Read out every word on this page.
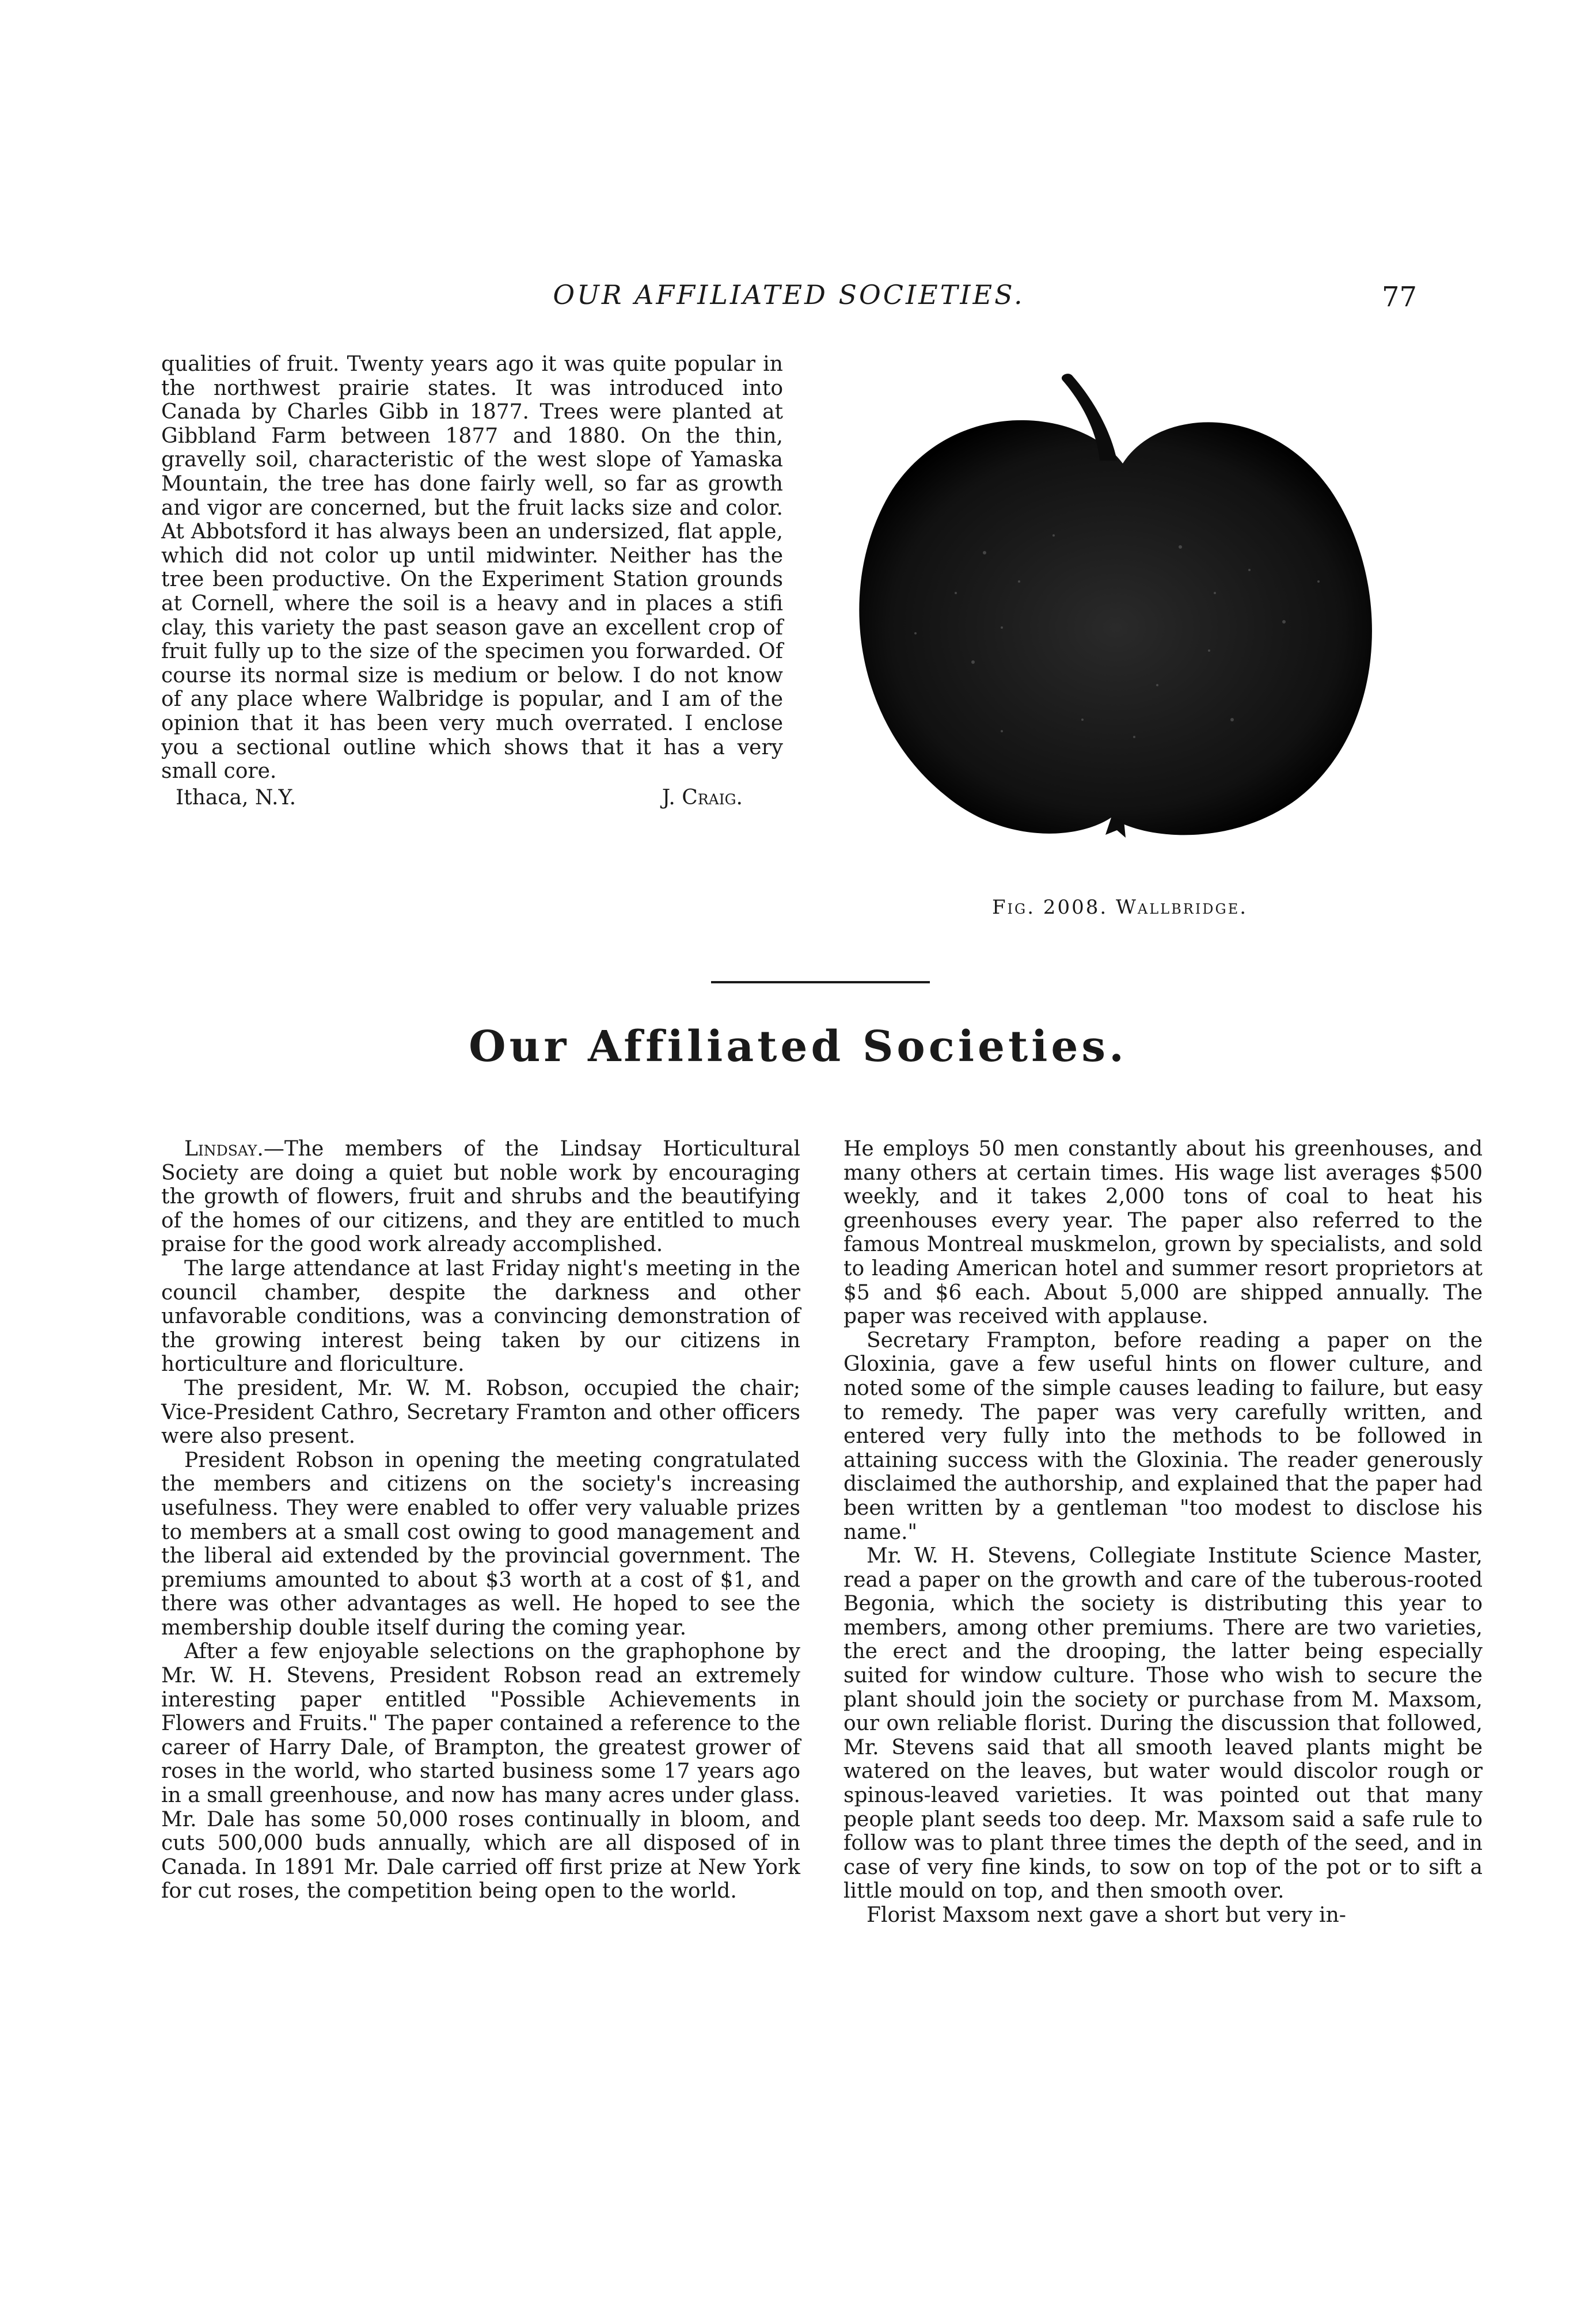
OUR AFFILIATED SOCIETIES.	77

qualities of fruit. Twenty years ago it was quite popular in the northwest prairie states. It was introduced into Canada by Charles Gibb in 1877. Trees were planted at Gibbland Farm between 1877 and 1880. On the thin, gravelly soil, characteristic of the west slope of Yamaska Mountain, the tree has done fairly well, so far as growth and vigor are concerned, but the fruit lacks size and color. At Abbotsford it has always been an undersized, flat apple, which did not color up until midwinter. Neither has the tree been productive. On the Experiment Station grounds at Cornell, where the soil is a heavy and in places a stifi clay, this variety the past season gave an excellent crop of fruit fully up to the size of the specimen you forwarded. Of course its normal size is medium or below. I do not know of any place where Walbridge is popular, and I am of the opinion that it has been very much overrated. I enclose you a sectional outline which shows that it has a very small core.

Ithaca, N.Y.	J. Craig.
Fig. 2008. Wallbridge.
Our Affiliated Societies.

Lindsay.—The members of the Lindsay Horticultural Society are doing a quiet but noble work by encouraging the growth of flowers, fruit and shrubs and the beautifying of the homes of our citizens, and they are entitled to much praise for the good work already accomplished.

The large attendance at last Friday night's meeting in the council chamber, despite the darkness and other unfavorable conditions, was a convincing demonstration of the growing interest being taken by our citizens in horticulture and floriculture.

The president, Mr. W. M. Robson, occupied the chair; Vice-President Cathro, Secretary Framton and other officers were also present.

President Robson in opening the meeting congratulated the members and citizens on the society's increasing usefulness. They were enabled to offer very valuable prizes to members at a small cost owing to good management and the liberal aid extended by the provincial government. The premiums amounted to about $3 worth at a cost of $1, and there was other advantages as well. He hoped to see the membership double itself during the coming year.

After a few enjoyable selections on the graphophone by Mr. W. H. Stevens, President Robson read an extremely interesting paper entitled "Possible Achievements in Flowers and Fruits." The paper contained a reference to the career of Harry Dale, of Brampton, the greatest grower of roses in the world, who started business some 17 years ago in a small greenhouse, and now has many acres under glass. Mr. Dale has some 50,000 roses continually in bloom, and cuts 500,000 buds annually, which are all disposed of in Canada. In 1891 Mr. Dale carried off first prize at New York for cut roses, the competition being open to the world.

He employs 50 men constantly about his greenhouses, and many others at certain times. His wage list averages $500 weekly, and it takes 2,000 tons of coal to heat his greenhouses every year. The paper also referred to the famous Montreal muskmelon, grown by specialists, and sold to leading American hotel and summer resort proprietors at $5 and $6 each. About 5,000 are shipped annually. The paper was received with applause.

Secretary Frampton, before reading a paper on the Gloxinia, gave a few useful hints on flower culture, and noted some of the simple causes leading to failure, but easy to remedy. The paper was very carefully written, and entered very fully into the methods to be followed in attaining success with the Gloxinia. The reader generously disclaimed the authorship, and explained that the paper had been written by a gentleman "too modest to disclose his name."

Mr. W. H. Stevens, Collegiate Institute Science Master, read a paper on the growth and care of the tuberous-rooted Begonia, which the society is distributing this year to members, among other premiums. There are two varieties, the erect and the drooping, the latter being especially suited for window culture. Those who wish to secure the plant should join the society or purchase from M. Maxsom, our own reliable florist. During the discussion that followed, Mr. Stevens said that all smooth leaved plants might be watered on the leaves, but water would discolor rough or spinous-leaved varieties. It was pointed out that many people plant seeds too deep. Mr. Maxsom said a safe rule to follow was to plant three times the depth of the seed, and in case of very fine kinds, to sow on top of the pot or to sift a little mould on top, and then smooth over.

Florist Maxsom next gave a short but very in-
